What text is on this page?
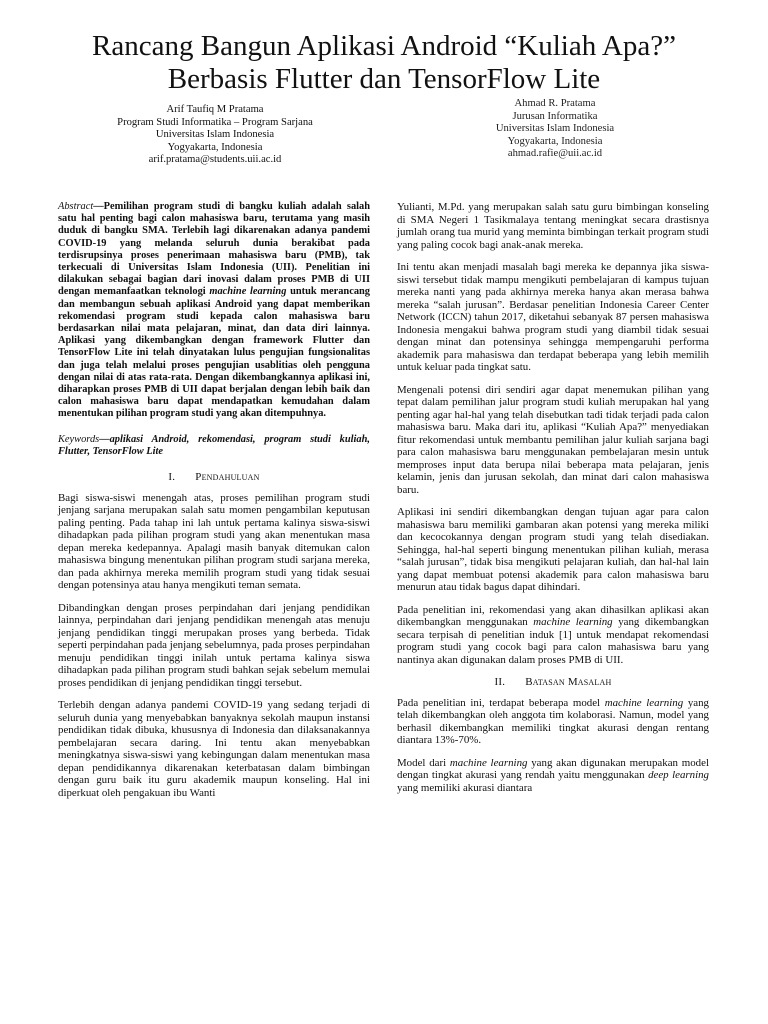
Rancang Bangun Aplikasi Android “Kuliah Apa?”
Berbasis Flutter dan TensorFlow Lite
Arif Taufiq M Pratama
Program Studi Informatika – Program Sarjana
Universitas Islam Indonesia
Yogyakarta, Indonesia
arif.pratama@students.uii.ac.id
Ahmad R. Pratama
Jurusan Informatika
Universitas Islam Indonesia
Yogyakarta, Indonesia
ahmad.rafie@uii.ac.id

Abstract—Pemilihan program studi di bangku kuliah adalah salah satu hal penting bagi calon mahasiswa baru, terutama yang masih duduk di bangku SMA. Terlebih lagi dikarenakan adanya pandemi COVID-19 yang melanda seluruh dunia berakibat pada terdisrupsinya proses penerimaan mahasiswa baru (PMB), tak terkecuali di Universitas Islam Indonesia (UII). Penelitian ini dilakukan sebagai bagian dari inovasi dalam proses PMB di UII dengan memanfaatkan teknologi machine learning untuk merancang dan membangun sebuah aplikasi Android yang dapat memberikan rekomendasi program studi kepada calon mahasiswa baru berdasarkan nilai mata pelajaran, minat, dan data diri lainnya. Aplikasi yang dikembangkan dengan framework Flutter dan TensorFlow Lite ini telah dinyatakan lulus pengujian fungsionalitas dan juga telah melalui proses pengujian usablitias oleh pengguna dengan nilai di atas rata-rata. Dengan dikembangkannya aplikasi ini, diharapkan proses PMB di UII dapat berjalan dengan lebih baik dan calon mahasiswa baru dapat mendapatkan kemudahan dalam menentukan pilihan program studi yang akan ditempuhnya.

Keywords—aplikasi Android, rekomendasi, program studi kuliah, Flutter, TensorFlow Lite

I. Pendahuluan

Bagi siswa-siswi menengah atas, proses pemilihan program studi jenjang sarjana merupakan salah satu momen pengambilan keputusan paling penting. Pada tahap ini lah untuk pertama kalinya siswa-siswi dihadapkan pada pilihan program studi yang akan menentukan masa depan mereka kedepannya. Apalagi masih banyak ditemukan calon mahasiswa bingung menentukan pilihan program studi sarjana mereka, dan pada akhirnya mereka memilih program studi yang tidak sesuai dengan potensinya atau hanya mengikuti teman semata.

Dibandingkan dengan proses perpindahan dari jenjang pendidikan lainnya, perpindahan dari jenjang pendidikan menengah atas menuju jenjang pendidikan tinggi merupakan proses yang berbeda. Tidak seperti perpindahan pada jenjang sebelumnya, pada proses perpindahan menuju pendidikan tinggi inilah untuk pertama kalinya siswa dihadapkan pada pilihan program studi bahkan sejak sebelum memulai proses pendidikan di jenjang pendidikan tinggi tersebut.

Terlebih dengan adanya pandemi COVID-19 yang sedang terjadi di seluruh dunia yang menyebabkan banyaknya sekolah maupun instansi pendidikan tidak dibuka, khususnya di Indonesia dan dilaksanakannya pembelajaran secara daring. Ini tentu akan menyebabkan meningkatnya siswa-siswi yang kebingungan dalam menentukan masa depan pendidikannya dikarenakan keterbatasan dalam bimbingan dengan guru baik itu guru akademik maupun konseling. Hal ini diperkuat oleh pengakuan ibu Wanti

Yulianti, M.Pd. yang merupakan salah satu guru bimbingan konseling di SMA Negeri 1 Tasikmalaya tentang meningkat secara drastisnya jumlah orang tua murid yang meminta bimbingan terkait program studi yang paling cocok bagi anak-anak mereka.

Ini tentu akan menjadi masalah bagi mereka ke depannya jika siswa-siswi tersebut tidak mampu mengikuti pembelajaran di kampus tujuan mereka nanti yang pada akhirnya mereka hanya akan merasa bahwa mereka “salah jurusan”. Berdasar penelitian Indonesia Career Center Network (ICCN) tahun 2017, diketahui sebanyak 87 persen mahasiswa Indonesia mengakui bahwa program studi yang diambil tidak sesuai dengan minat dan potensinya sehingga mempengaruhi performa akademik para mahasiswa dan terdapat beberapa yang lebih memilih untuk keluar pada tingkat satu.

Mengenali potensi diri sendiri agar dapat menemukan pilihan yang tepat dalam pemilihan jalur program studi kuliah merupakan hal yang penting agar hal-hal yang telah disebutkan tadi tidak terjadi pada calon mahasiswa baru. Maka dari itu, aplikasi “Kuliah Apa?” menyediakan fitur rekomendasi untuk membantu pemilihan jalur kuliah sarjana bagi para calon mahasiswa baru menggunakan pembelajaran mesin untuk memproses input data berupa nilai beberapa mata pelajaran, jenis kelamin, jenis dan jurusan sekolah, dan minat dari calon mahasiswa baru.

Aplikasi ini sendiri dikembangkan dengan tujuan agar para calon mahasiswa baru memiliki gambaran akan potensi yang mereka miliki dan kecocokannya dengan program studi yang telah disediakan. Sehingga, hal-hal seperti bingung menentukan pilihan kuliah, merasa “salah jurusan”, tidak bisa mengikuti pelajaran kuliah, dan hal-hal lain yang dapat membuat potensi akademik para calon mahasiswa baru menurun atau tidak bagus dapat dihindari.

Pada penelitian ini, rekomendasi yang akan dihasilkan aplikasi akan dikembangkan menggunakan machine learning yang dikembangkan secara terpisah di penelitian induk [1] untuk mendapat rekomendasi program studi yang cocok bagi para calon mahasiswa baru yang nantinya akan digunakan dalam proses PMB di UII.

II. Batasan Masalah

Pada penelitian ini, terdapat beberapa model machine learning yang telah dikembangkan oleh anggota tim kolaborasi. Namun, model yang berhasil dikembangkan memiliki tingkat akurasi dengan rentang diantara 13%-70%.

Model dari machine learning yang akan digunakan merupakan model dengan tingkat akurasi yang rendah yaitu menggunakan deep learning yang memiliki akurasi diantara
